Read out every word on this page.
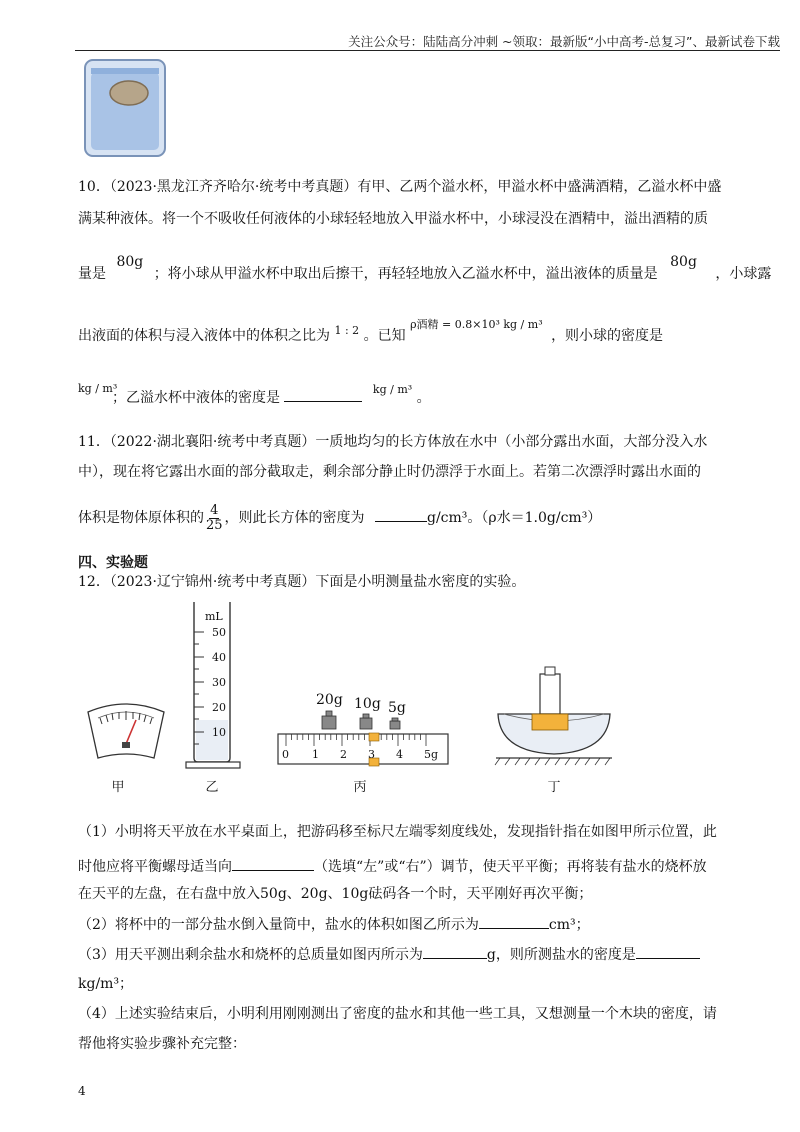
关注公众号：陆陆高分冲刺 ~领取：最新版“小中高考-总复习”、最新试卷下载
10．（2023·黑龙江齐齐哈尔·统考中考真题）有甲、乙两个溢水杯，甲溢水杯中盛满酒精，乙溢水杯中盛
满某种液体。将一个不吸收任何液体的小球轻轻地放入甲溢水杯中，小球浸没在酒精中，溢出酒精的质
量是 80g ；将小球从甲溢水杯中取出后擦干，再轻轻地放入乙溢水杯中，溢出液体的质量是 80g ，小球露
出液面的体积与浸入液体中的体积之比为 $^{1 : 2}$ 。已知 $^{\rho 酒精 = 0.8\times 10^3 kg / m^3}$ ，则小球的密度是
kg / m³
；乙溢水杯中液体的密度是  $^{kg / m^3}$ 。
11．（2022·湖北襄阳·统考中考真题）一质地均匀的长方体放在水中（小部分露出水面，大部分没入水
中），现在将它露出水面的部分截取走，剩余部分静止时仍漂浮于水面上。若第二次漂浮时露出水面的
体积是物体原体积的 $\frac{4}{25}$ ，则此长方体的密度为	g/cm³。（ρ水＝1.0g/cm³）
四、实验题
12．（2023·辽宁锦州·统考中考真题）下面是小明测量盐水密度的实验。
甲
mL
50
40
30
20
10
乙
20g 10g 5g
0 1 2 3 4 5g
丙	丁
（1）小明将天平放在水平桌面上，把游码移至标尺左端零刻度线处，发现指针指在如图甲所示位置，此
时他应将平衡螺母适当向	（选填“左”或“右”）调节，使天平平衡；再将装有盐水的烧杯放
在天平的左盘，在右盘中放入50g、20g、10g砝码各一个时，天平刚好再次平衡；
（2）将杯中的一部分盐水倒入量筒中，盐水的体积如图乙所示为	cm³；
（3）用天平测出剩余盐水和烧杯的总质量如图丙所示为	g，则所测盐水的密度是
kg/m³；
（4）上述实验结束后，小明利用刚刚测出了密度的盐水和其他一些工具，又想测量一个木块的密度，请
帮他将实验步骤补充完整：
4
